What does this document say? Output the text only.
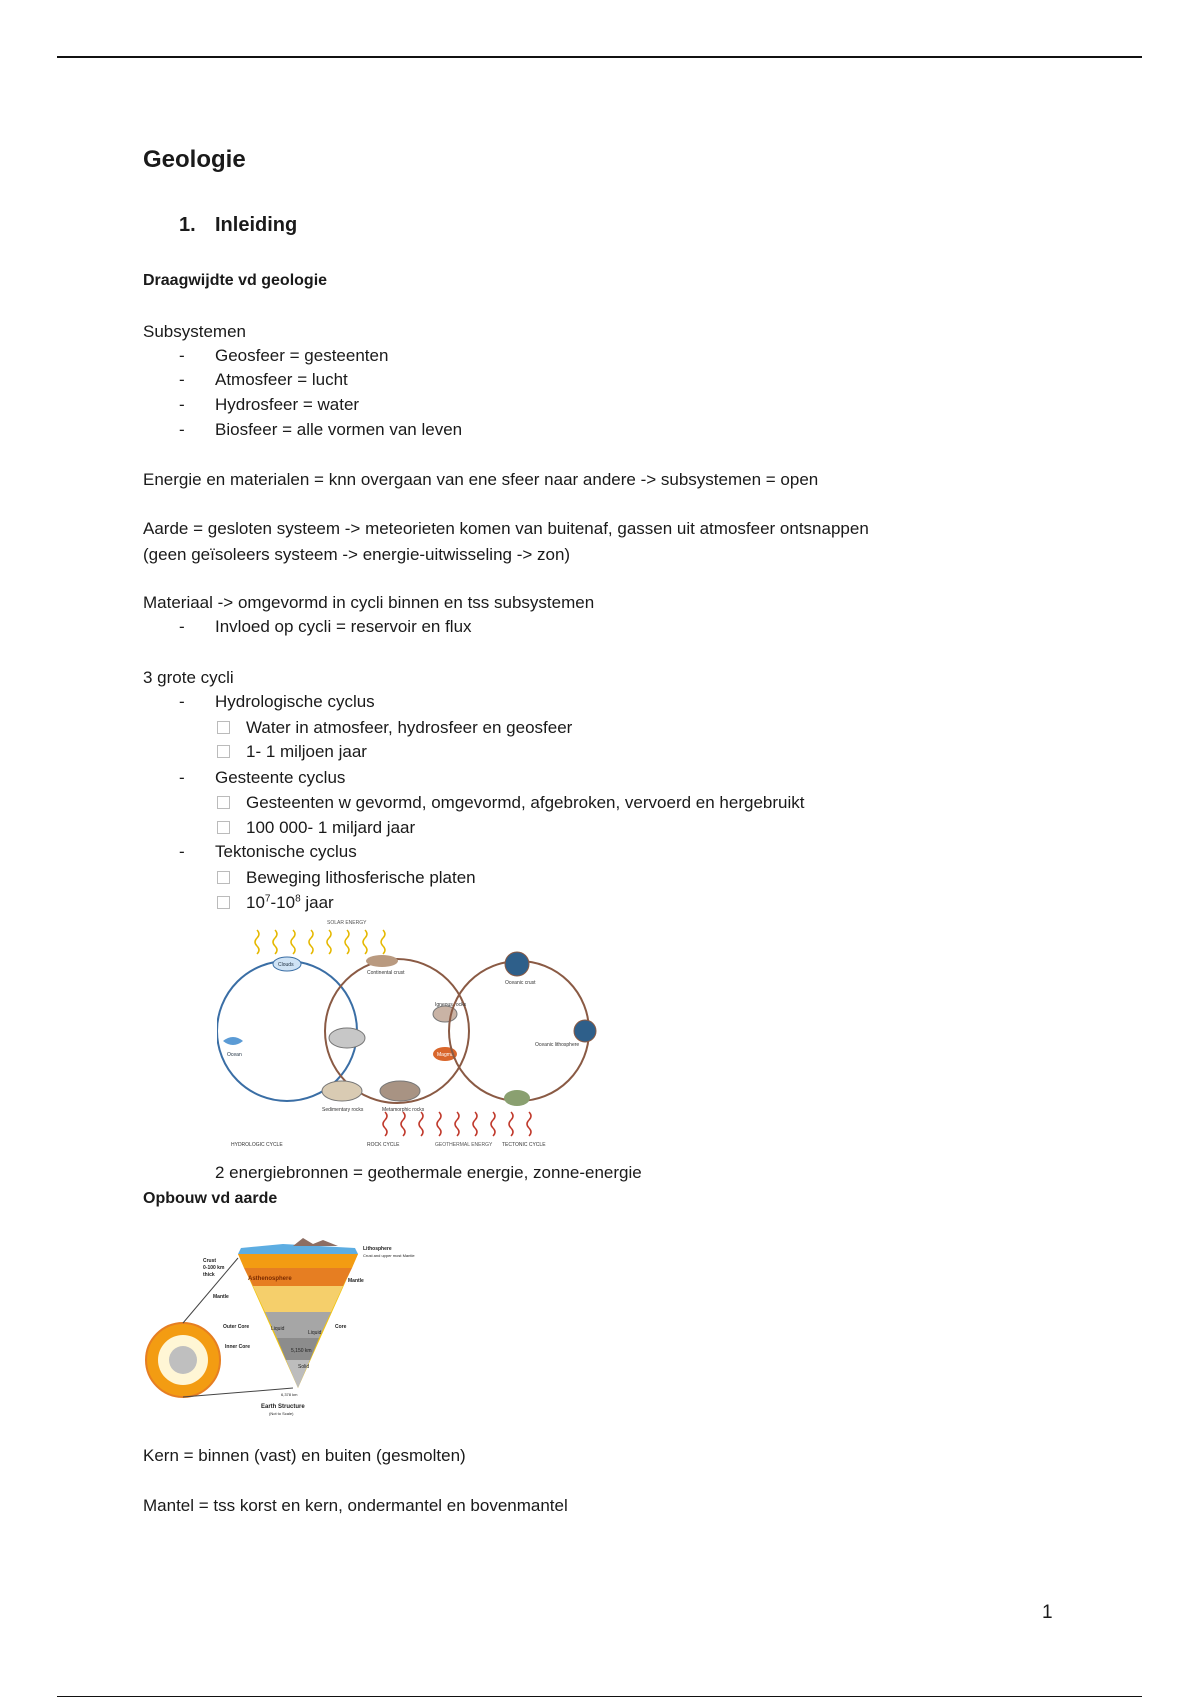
Geologie
1. Inleiding
Draagwijdte vd geologie
Subsystemen
- Geosfeer = gesteenten
- Atmosfeer = lucht
- Hydrosfeer = water
- Biosfeer = alle vormen van leven
Energie en materialen = knn overgaan van ene sfeer naar andere -> subsystemen = open
Aarde = gesloten systeem -> meteorieten komen van buitenaf, gassen uit atmosfeer ontsnappen
(geen geïsoleers systeem -> energie-uitwisseling -> zon)
Materiaal -> omgevormd in cycli binnen en tss subsystemen
- Invloed op cycli = reservoir en flux
3 grote cycli
- Hydrologische cyclus
Water in atmosfeer, hydrosfeer en geosfeer
1- 1 miljoen jaar
- Gesteente cyclus
Gesteenten w gevormd, omgevormd, afgebroken, vervoerd en hergebruikt
100 000- 1 miljard jaar
- Tektonische cyclus
Beweging lithosferische platen
$10^7-10^8$ jaar
SOLAR ENERGY
Clouds
Ocean
HYDROLOGIC CYCLE
Continental crust
Sedimentary rocks	Metamorphic rocks
Igneous rocks
Magma
ROCK CYCLE
Oceanic crust
Oceanic lithosphere
TECTONIC CYCLE
GEOTHERMAL ENERGY
2 energiebronnen = geothermale energie, zonne-energie
Opbouw vd aarde
Asthenosphere
Liquid
5,150 km
Liquid
Solid
Crust
0-100 km
thick
Mantle
Outer Core
Inner Core
Lithosphere
Crust and upper most Mantle
Mantle
Core
6,378 km
Earth Structure
(Not to Scale)
Kern = binnen (vast) en buiten (gesmolten)
Mantel = tss korst en kern, ondermantel en bovenmantel
1
